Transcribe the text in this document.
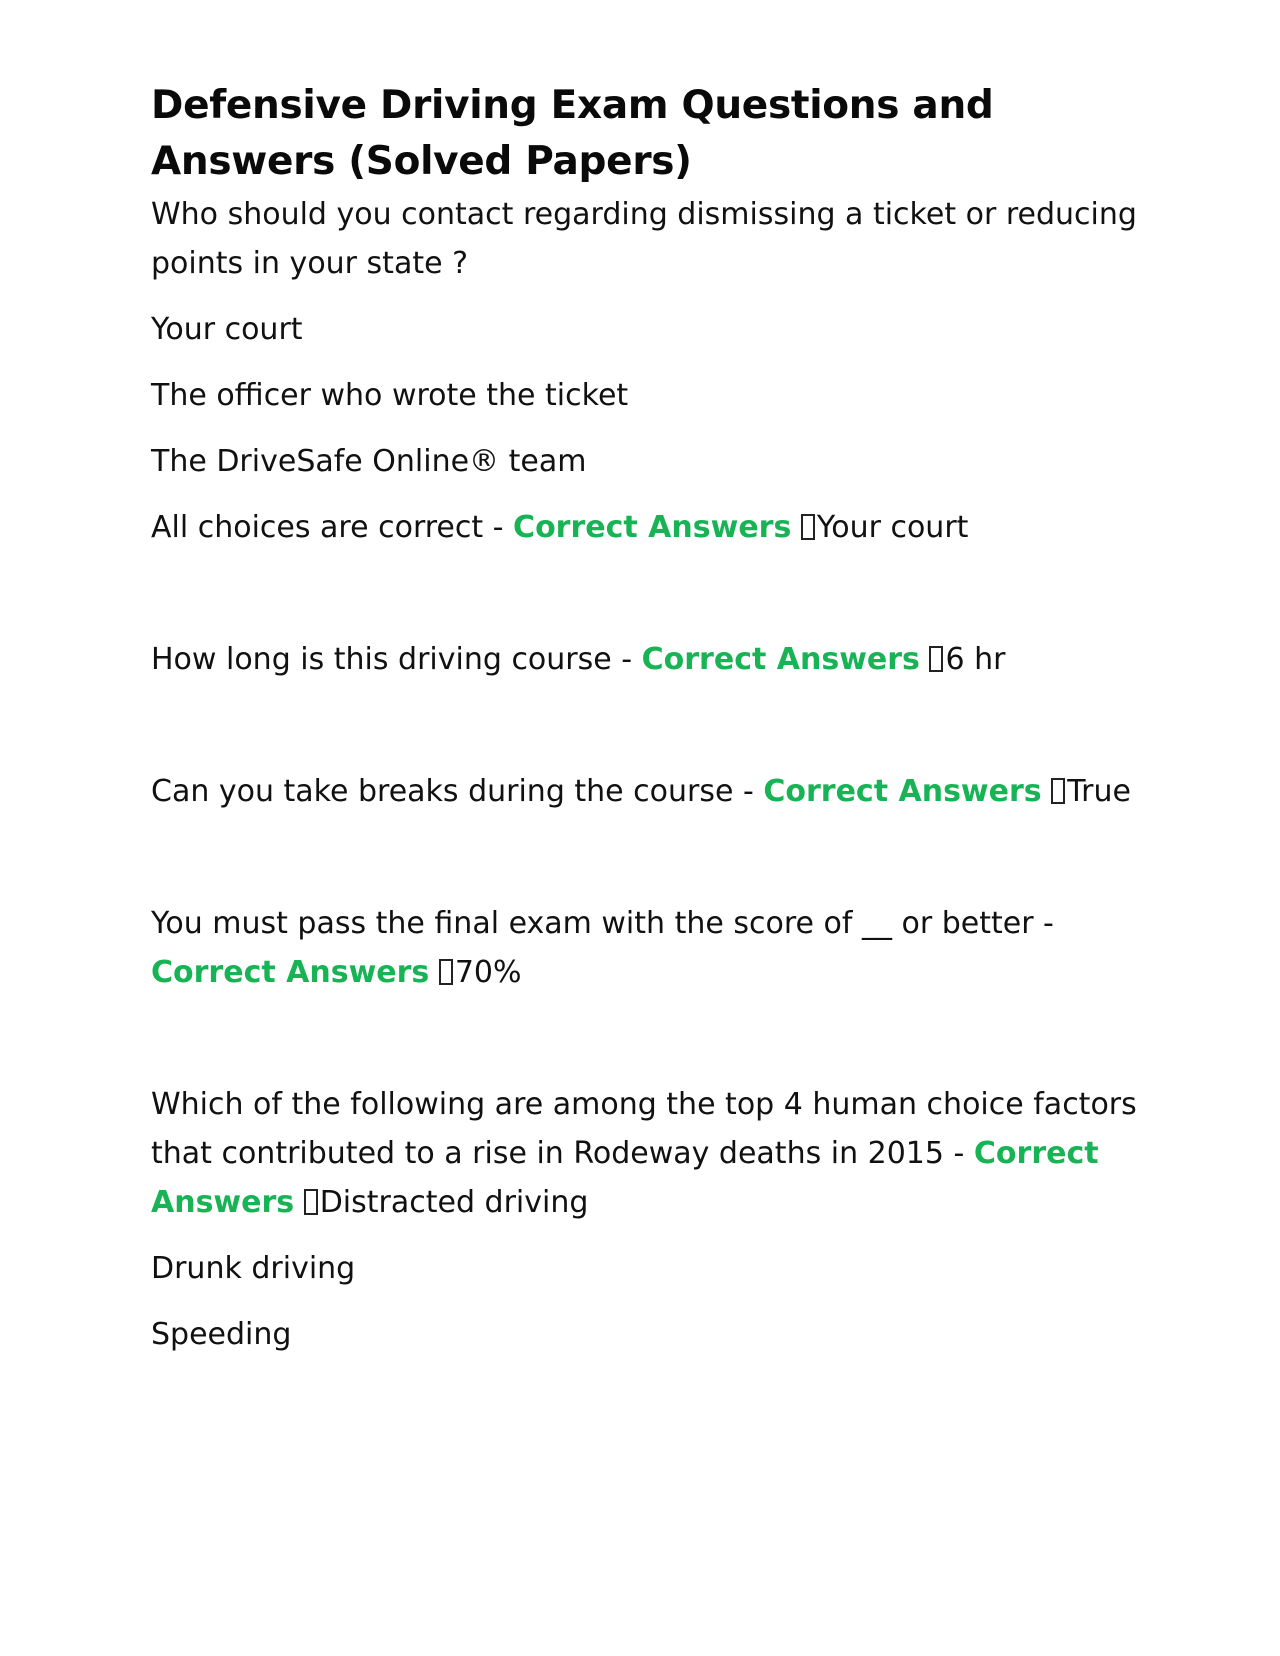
Defensive Driving Exam Questions and Answers (Solved Papers)

Who should you contact regarding dismissing a ticket or reducing points in your state ?

Your court

The officer who wrote the ticket

The DriveSafe Online® team

All choices are correct - Correct Answers Your court

How long is this driving course - Correct Answers 6 hr

Can you take breaks during the course - Correct Answers True

You must pass the final exam with the score of __ or better - Correct Answers 70%

Which of the following are among the top 4 human choice factors that contributed to a rise in Rodeway deaths in 2015 - Correct Answers Distracted driving

Drunk driving

Speeding
